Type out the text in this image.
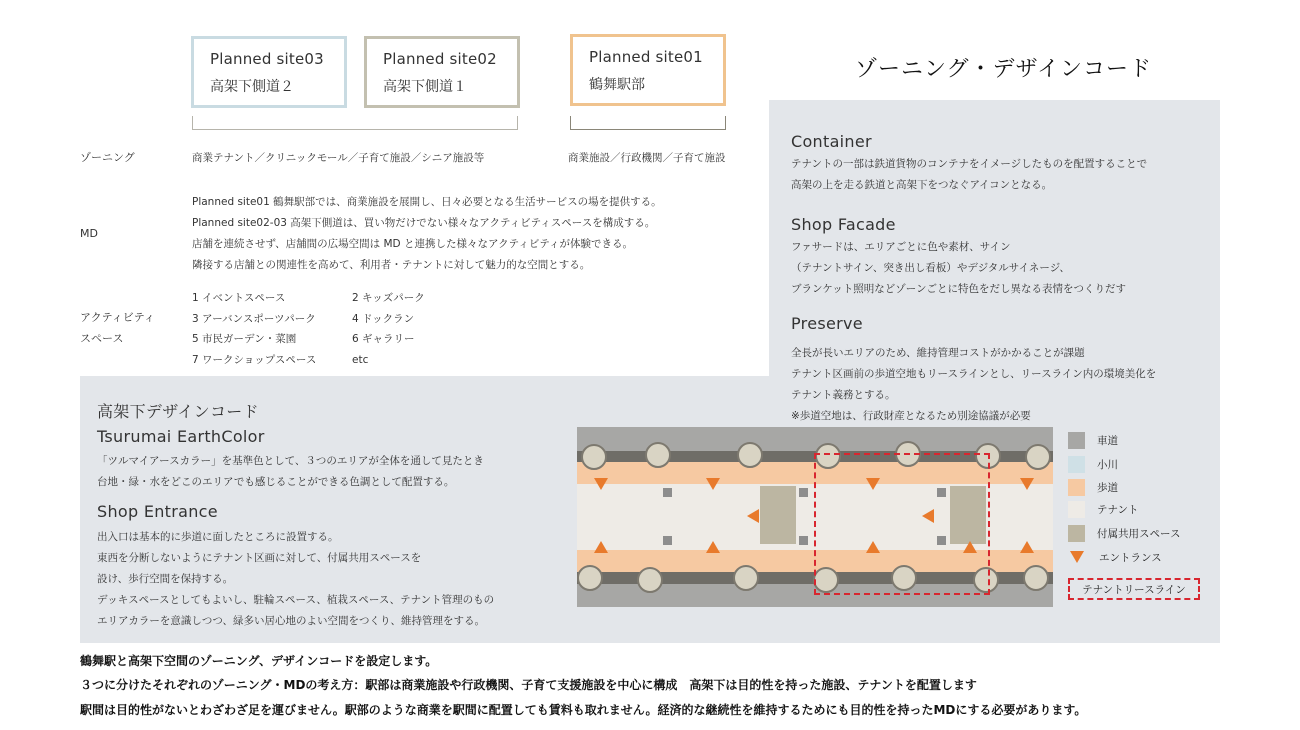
Planned site03
高架下側道２
Planned site02
高架下側道１
Planned site01
鶴舞駅部
ゾーニング・デザインコード
ゾーニング	商業テナント／クリニックモール／子育て施設／シニア施設等	商業施設／行政機関／子育て施設
MD
Planned site01 鶴舞駅部では、商業施設を展開し、日々必要となる生活サービスの場を提供する。
Planned site02-03 高架下側道は、買い物だけでない様々なアクティビティスペースを構成する。
店舗を連続させず、店舗間の広場空間は MD と連携した様々なアクティビティが体験できる。
隣接する店舗との関連性を高めて、利用者・テナントに対して魅力的な空間とする。
アクティビティ
スペース
1 イベントスペース	2 キッズパーク
3 アーバンスポーツパーク	4 ドックラン
5 市民ガーデン・菜園	6 ギャラリー
7 ワークショップスペース	etc
Container
テナントの一部は鉄道貨物のコンテナをイメージしたものを配置することで
高架の上を走る鉄道と高架下をつなぐアイコンとなる。
Shop Facade
ファサードは、エリアごとに色や素材、サイン
（テナントサイン、突き出し看板）やデジタルサイネージ、
ブランケット照明などゾーンごとに特色をだし異なる表情をつくりだす
Preserve
全長が長いエリアのため、維持管理コストがかかることが課題
テナント区画前の歩道空地もリースラインとし、リースライン内の環境美化を
テナント義務とする。
※歩道空地は、行政財産となるため別途協議が必要
高架下デザインコード
Tsurumai EarthColor
「ツルマイアースカラー」を基準色として、３つのエリアが全体を通して見たとき
台地・緑・水をどこのエリアでも感じることができる色調として配置する。
Shop Entrance
出入口は基本的に歩道に面したところに設置する。
東西を分断しないようにテナント区画に対して、付属共用スペースを
設け、歩行空間を保持する。
デッキスペースとしてもよいし、駐輪スペース、植栽スペース、テナント管理のもの
エリアカラーを意識しつつ、緑多い居心地のよい空間をつくり、維持管理をする。
車道
小川
歩道
テナント
付属共用スペース
エントランス
テナントリースライン
鶴舞駅と高架下空間のゾーニング、デザインコードを設定します。
３つに分けたそれぞれのゾーニング・MDの考え方：駅部は商業施設や行政機関、子育て支援施設を中心に構成　高架下は目的性を持った施設、テナントを配置します
駅間は目的性がないとわざわざ足を運びません。駅部のような商業を駅間に配置しても賃料も取れません。経済的な継続性を維持するためにも目的性を持ったMDにする必要があります。
